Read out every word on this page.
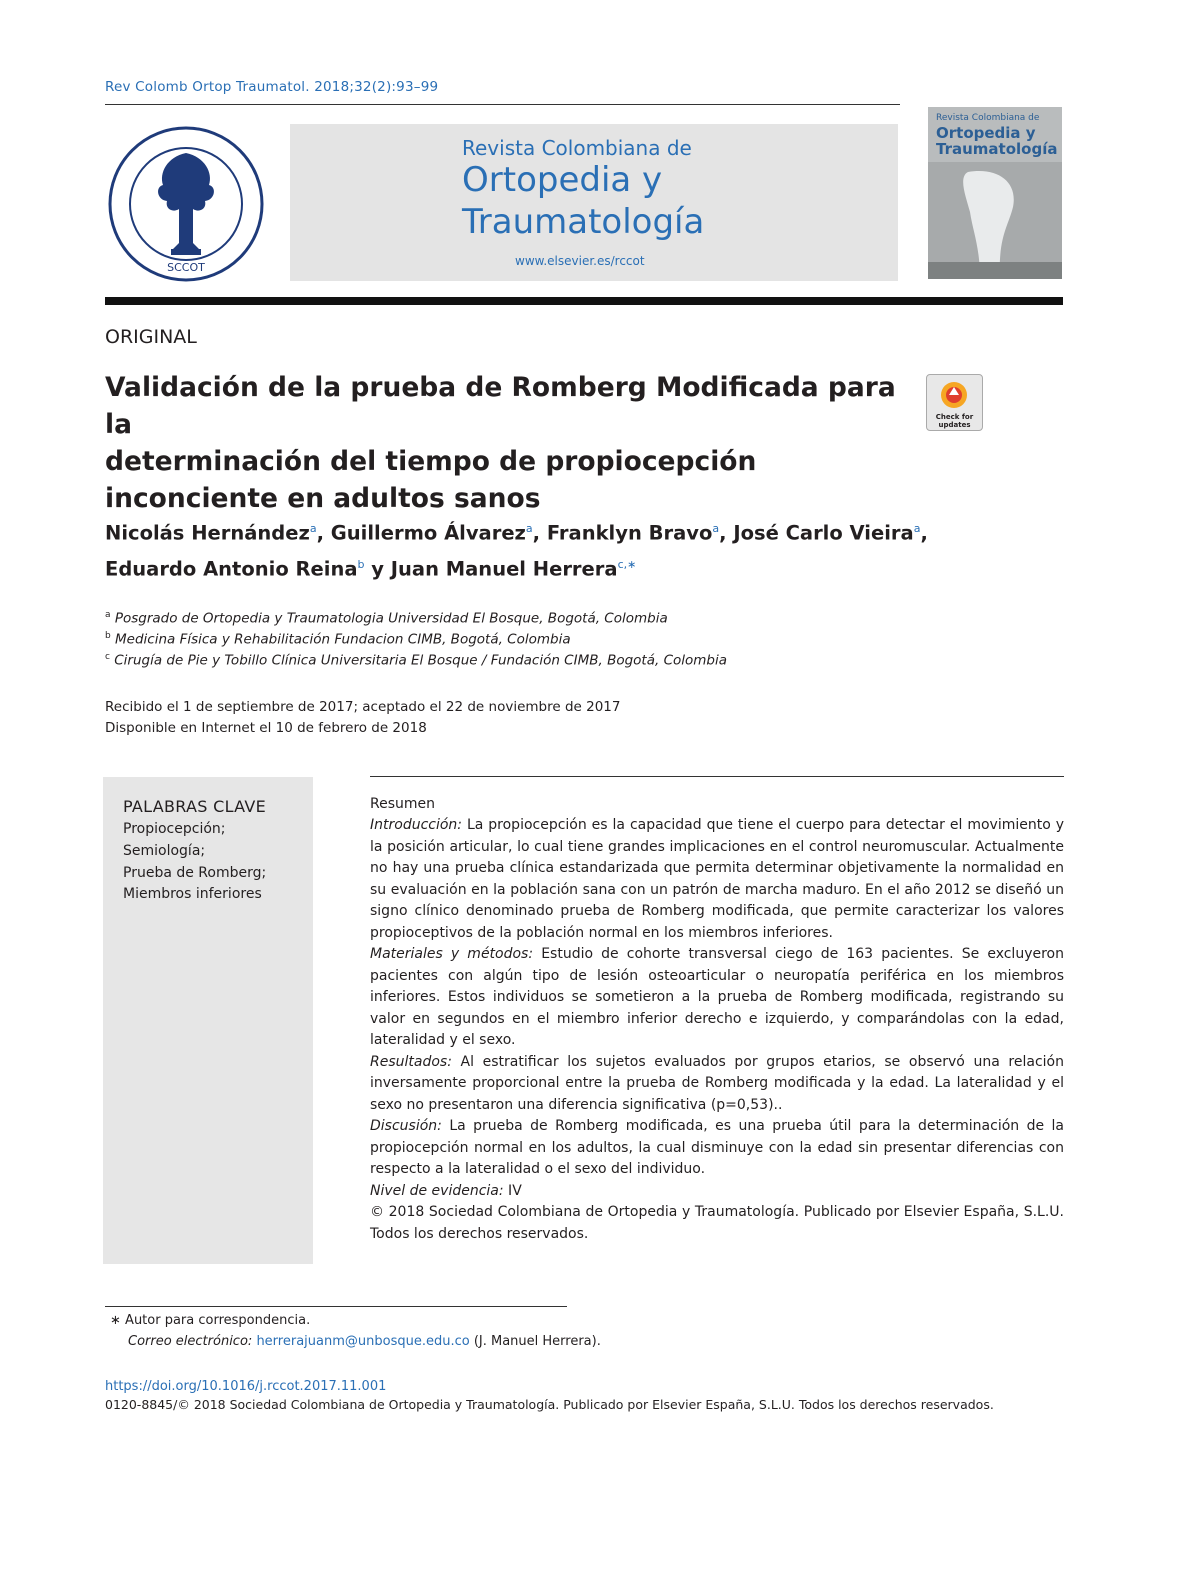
Rev Colomb Ortop Traumatol. 2018;32(2):93–99
SCCOT
Revista Colombiana de
Ortopedia y
Traumatología
www.elsevier.es/rccot
Revista Colombiana de
Ortopedia y
Traumatología
ORIGINAL
Validación de la prueba de Romberg Modificada para la
determinación del tiempo de propiocepción
inconciente en adultos sanos
Check for updates
Nicolás Hernández$^a$, Guillermo Álvarez$^a$, Franklyn Bravo$^a$, José Carlo Vieira$^a$,
Eduardo Antonio Reina$^b$ y Juan Manuel Herrera$^{c,∗}$
$^a$ Posgrado de Ortopedia y Traumatologia Universidad El Bosque, Bogotá, Colombia
$^b$ Medicina Física y Rehabilitación Fundacion CIMB, Bogotá, Colombia
$^c$ Cirugía de Pie y Tobillo Clínica Universitaria El Bosque / Fundación CIMB, Bogotá, Colombia
Recibido el 1 de septiembre de 2017; aceptado el 22 de noviembre de 2017
Disponible en Internet el 10 de febrero de 2018
PALABRAS CLAVE
Propiocepción;
Semiología;
Prueba de Romberg;
Miembros inferiores
Resumen
Introducción: La propiocepción es la capacidad que tiene el cuerpo para detectar el movimiento y la posición articular, lo cual tiene grandes implicaciones en el control neuromuscular. Actualmente no hay una prueba clínica estandarizada que permita determinar objetivamente la normalidad en su evaluación en la población sana con un patrón de marcha maduro. En el año 2012 se diseñó un signo clínico denominado prueba de Romberg modificada, que permite caracterizar los valores propioceptivos de la población normal en los miembros inferiores.
Materiales y métodos: Estudio de cohorte transversal ciego de 163 pacientes. Se excluyeron pacientes con algún tipo de lesión osteoarticular o neuropatía periférica en los miembros inferiores. Estos individuos se sometieron a la prueba de Romberg modificada, registrando su valor en segundos en el miembro inferior derecho e izquierdo, y comparándolas con la edad, lateralidad y el sexo.
Resultados: Al estratificar los sujetos evaluados por grupos etarios, se observó una relación inversamente proporcional entre la prueba de Romberg modificada y la edad. La lateralidad y el sexo no presentaron una diferencia significativa (p=0,53)..
Discusión: La prueba de Romberg modificada, es una prueba útil para la determinación de la propiocepción normal en los adultos, la cual disminuye con la edad sin presentar diferencias con respecto a la lateralidad o el sexo del individuo.
Nivel de evidencia: IV
© 2018 Sociedad Colombiana de Ortopedia y Traumatología. Publicado por Elsevier España, S.L.U. Todos los derechos reservados.
∗ Autor para correspondencia.
Correo electrónico: herrerajuanm@unbosque.edu.co (J. Manuel Herrera).
https://doi.org/10.1016/j.rccot.2017.11.001
0120-8845/© 2018 Sociedad Colombiana de Ortopedia y Traumatología. Publicado por Elsevier España, S.L.U. Todos los derechos reservados.
